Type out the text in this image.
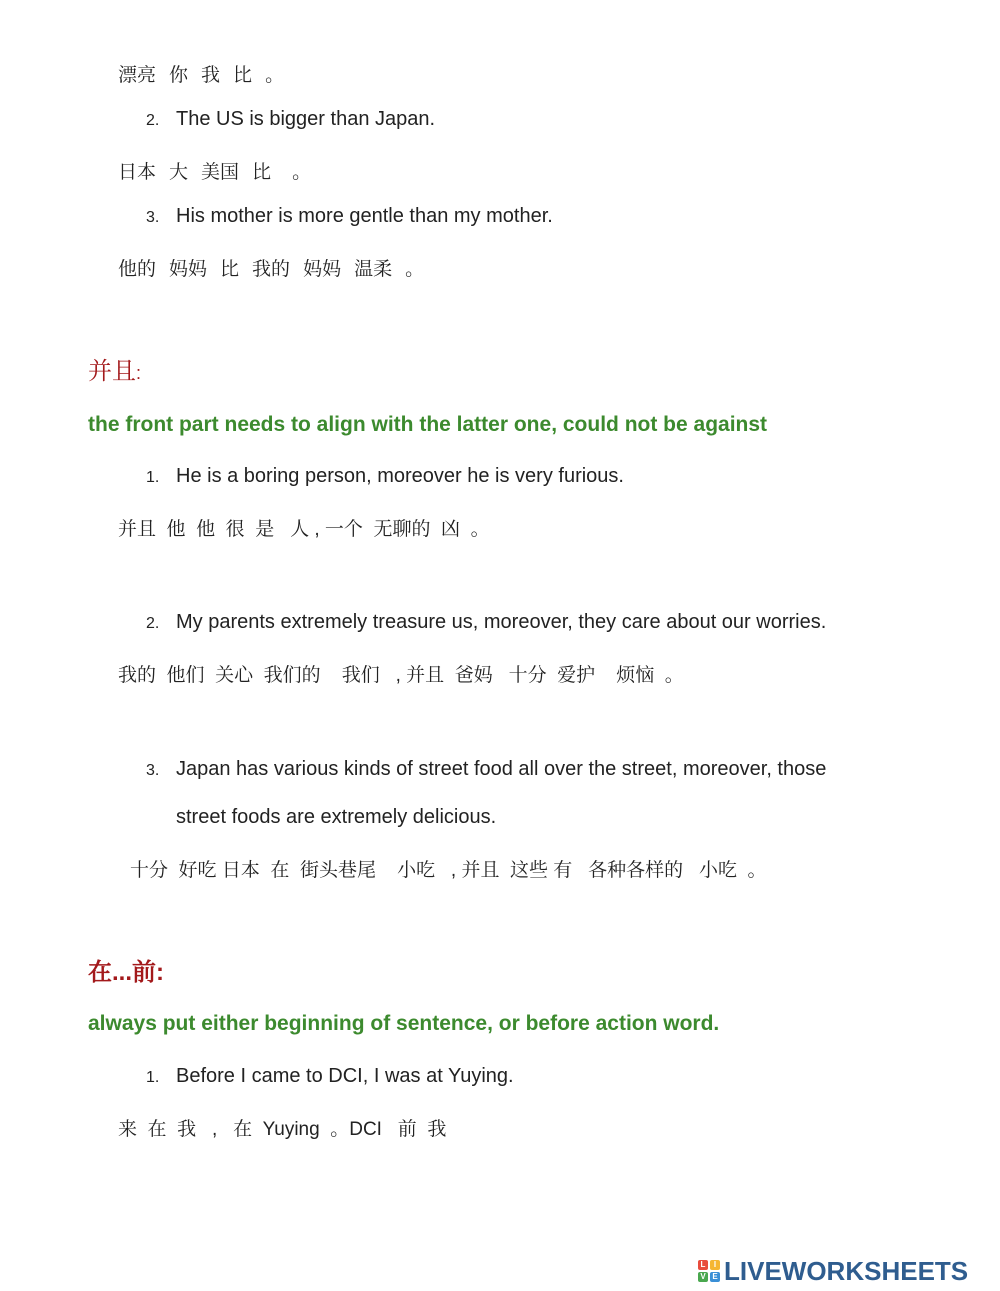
漂亮 你 我 比 。
2. The US is bigger than Japan.
日本 大 美国 比 。
3. His mother is more gentle than my mother.
他的 妈妈 比 我的 妈妈 温柔 。
并且:
the front part needs to align with the latter one, could not be against
1. He is a boring person, moreover he is very furious.
并且  他  他  很  是   人 , 一个  无聊的  凶  。
2. My parents extremely treasure us, moreover, they care about our worries.
我的  他们  关心  我们的    我们   , 并且  爸妈   十分  爱护    烦恼  。
3. Japan has various kinds of street food all over the street, moreover, those
street foods are extremely delicious.
十分  好吃 日本  在  街头巷尾    小吃   , 并且  这些 有   各种各样的   小吃  。
在...前:
always put either beginning of sentence, or before action word.
1. Before I came to DCI, I was at Yuying.
来  在  我   ,   在  Yuying  。DCI   前  我
L	I
V E LIVEWORKSHEETS
